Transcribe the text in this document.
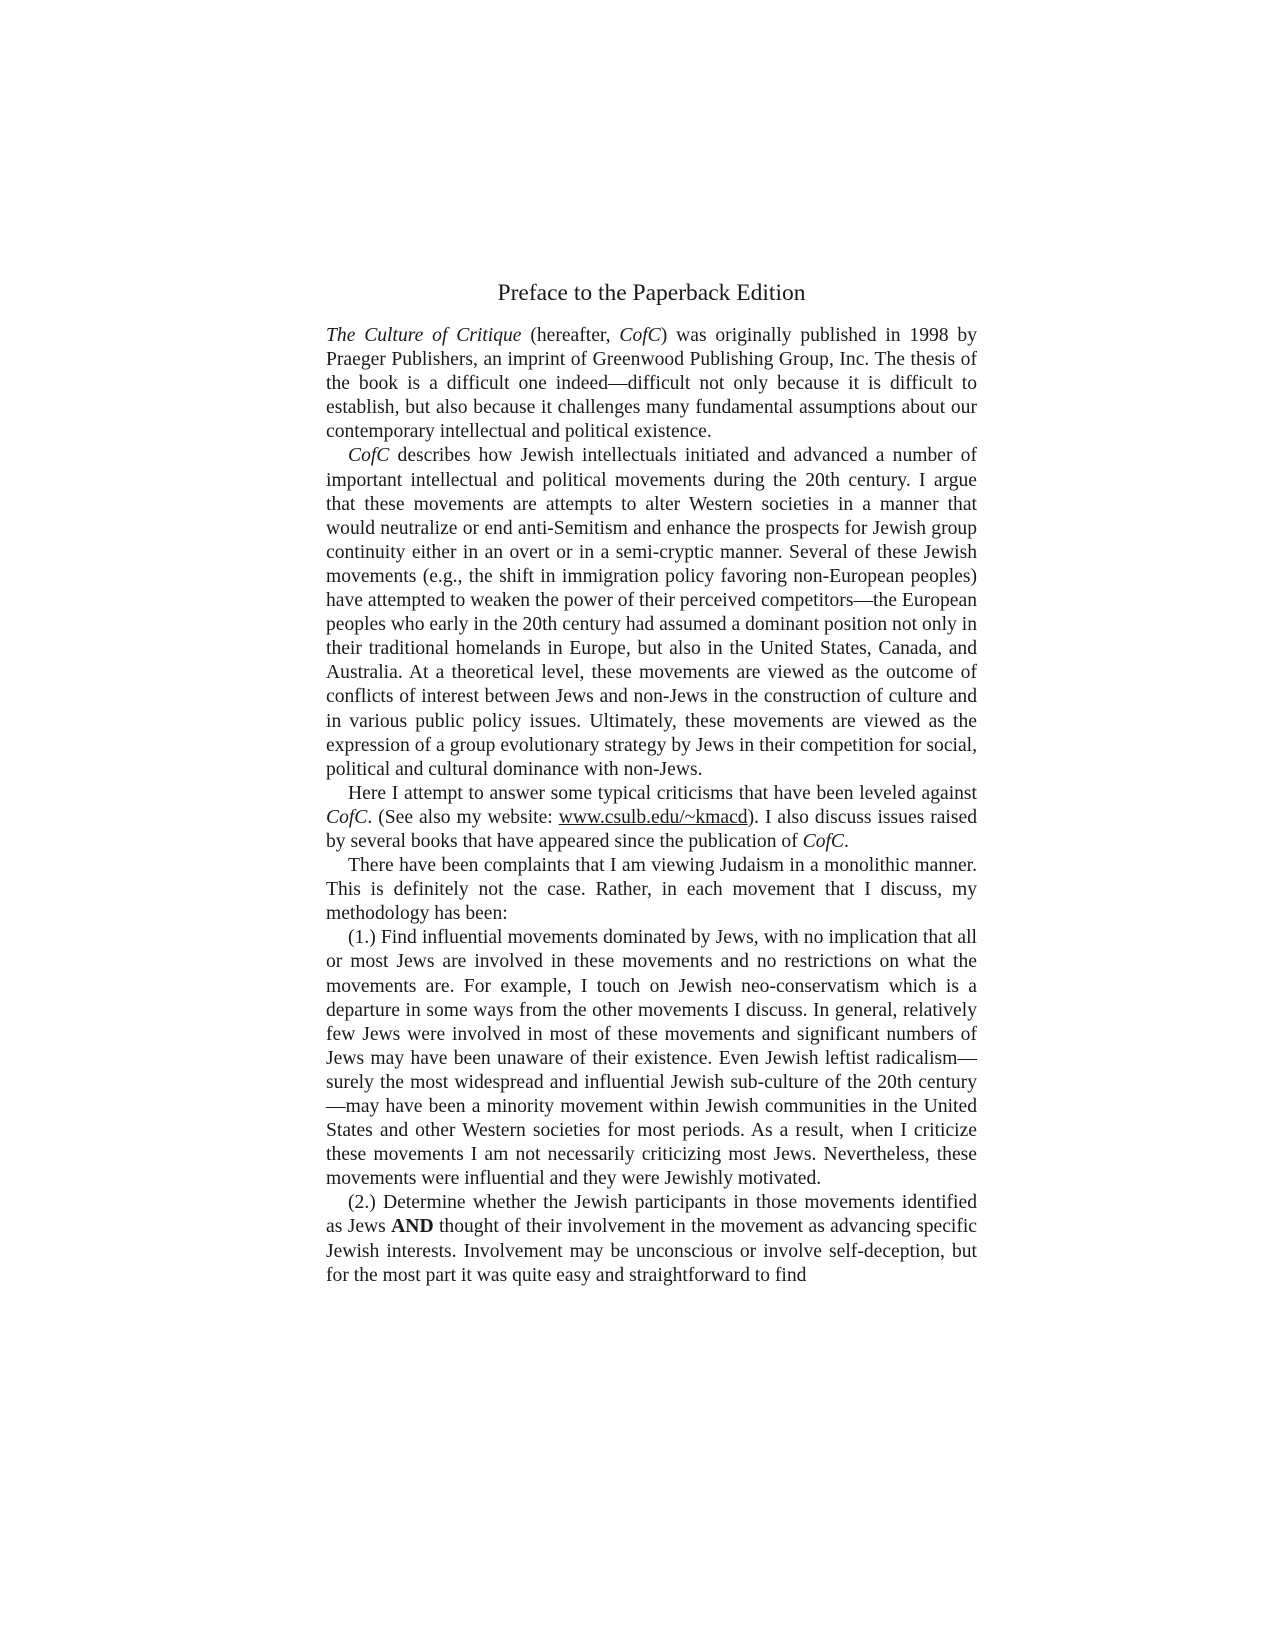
Preface to the Paperback Edition

The Culture of Critique (hereafter, CofC) was originally published in 1998 by Praeger Publishers, an imprint of Greenwood Publishing Group, Inc. The thesis of the book is a difficult one indeed—difficult not only because it is difficult to establish, but also because it challenges many fundamental assumptions about our contemporary intellectual and political existence.

CofC describes how Jewish intellectuals initiated and advanced a number of important intellectual and political movements during the 20th century. I argue that these movements are attempts to alter Western societies in a manner that would neutralize or end anti-Semitism and enhance the prospects for Jewish group continuity either in an overt or in a semi-cryptic manner. Several of these Jewish movements (e.g., the shift in immigration policy favoring non-European peoples) have attempted to weaken the power of their perceived competitors—the European peoples who early in the 20th century had assumed a dominant position not only in their traditional homelands in Europe, but also in the United States, Canada, and Australia. At a theoretical level, these movements are viewed as the outcome of conflicts of interest between Jews and non-Jews in the construction of culture and in various public policy issues. Ultimately, these movements are viewed as the expression of a group evolutionary strategy by Jews in their competition for social, political and cultural dominance with non-Jews.

Here I attempt to answer some typical criticisms that have been leveled against CofC. (See also my website: www.csulb.edu/~kmacd). I also discuss issues raised by several books that have appeared since the publication of CofC.

There have been complaints that I am viewing Judaism in a monolithic manner. This is definitely not the case. Rather, in each movement that I discuss, my methodology has been:

(1.) Find influential movements dominated by Jews, with no implication that all or most Jews are involved in these movements and no restrictions on what the movements are. For example, I touch on Jewish neo-conservatism which is a departure in some ways from the other movements I discuss. In general, relatively few Jews were involved in most of these movements and significant numbers of Jews may have been unaware of their existence. Even Jewish leftist radicalism—surely the most widespread and influential Jewish sub-culture of the 20th century—may have been a minority movement within Jewish communities in the United States and other Western societies for most periods. As a result, when I criticize these movements I am not necessarily criticizing most Jews. Nevertheless, these movements were influential and they were Jewishly motivated.

(2.) Determine whether the Jewish participants in those movements identified as Jews AND thought of their involvement in the movement as advancing specific Jewish interests. Involvement may be unconscious or involve self-deception, but for the most part it was quite easy and straightforward to find
